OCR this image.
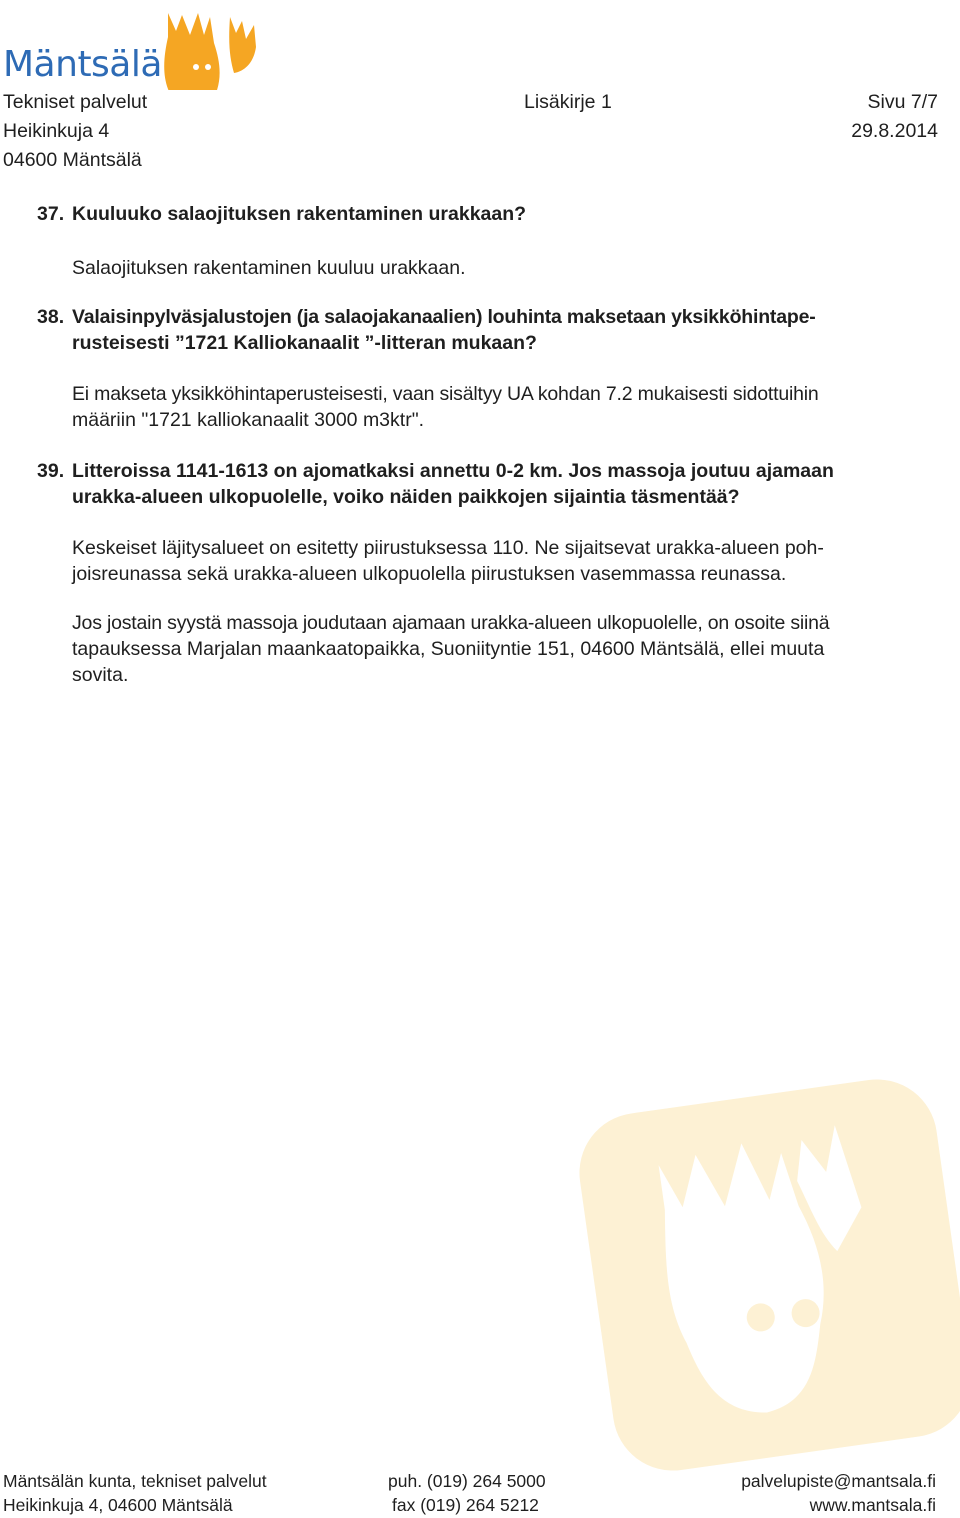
Mäntsälä
Tekniset palvelut	Lisäkirje 1	Sivu 7/7
Heikinkuja 4	29.8.2014
04600 Mäntsälä
37. Kuuluuko salaojituksen rakentaminen urakkaan?
Salaojituksen rakentaminen kuuluu urakkaan.
38. Valaisinpylväsjalustojen (ja salaojakanaalien) louhinta maksetaan yksikköhintape-
rusteisesti ”1721 Kalliokanaalit ”-litteran mukaan?
Ei makseta yksikköhintaperusteisesti, vaan sisältyy UA kohdan 7.2 mukaisesti sidottuihin
määriin "1721 kalliokanaalit 3000 m3ktr".
39. Litteroissa 1141-1613 on ajomatkaksi annettu 0-2 km. Jos massoja joutuu ajamaan
urakka-alueen ulkopuolelle, voiko näiden paikkojen sijaintia täsmentää?
Keskeiset läjitysalueet on esitetty piirustuksessa 110. Ne sijaitsevat urakka-alueen poh-
joisreunassa sekä urakka-alueen ulkopuolella piirustuksen vasemmassa reunassa.
Jos jostain syystä massoja joudutaan ajamaan urakka-alueen ulkopuolelle, on osoite siinä
tapauksessa Marjalan maankaatopaikka, Suoniityntie 151, 04600 Mäntsälä, ellei muuta
sovita.
Mäntsälän kunta, tekniset palvelut
Heikinkuja 4, 04600 Mäntsälä
puh. (019) 264 5000
fax (019) 264 5212
palvelupiste@mantsala.fi
www.mantsala.fi
